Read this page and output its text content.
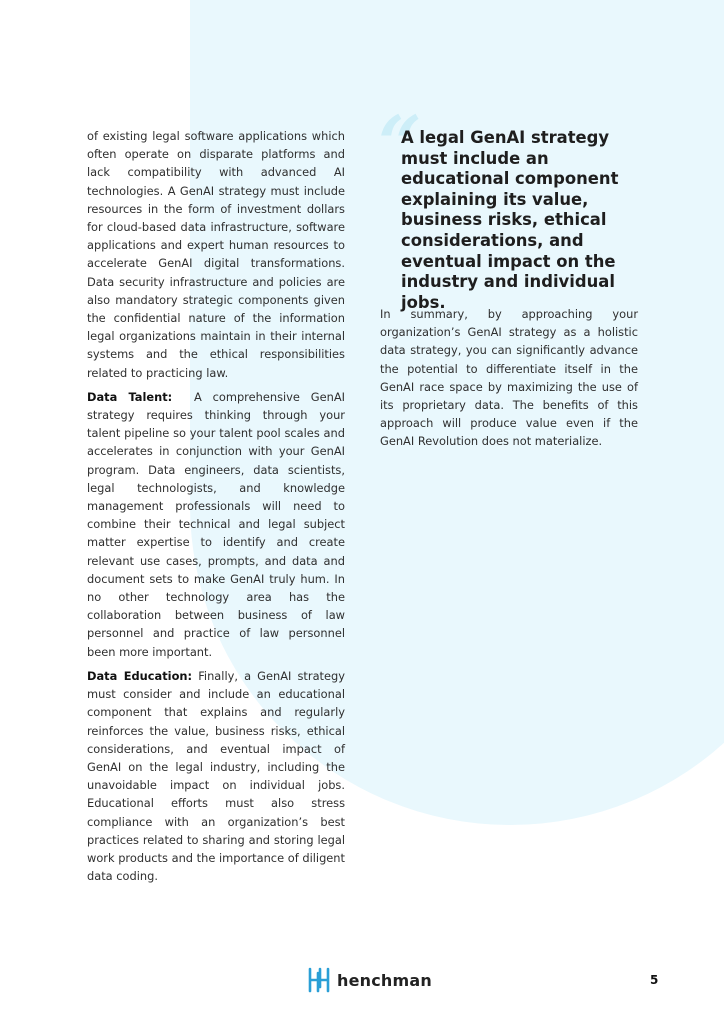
of existing legal software applications which often operate on disparate platforms and lack compatibility with advanced AI technologies. A GenAI strategy must include resources in the form of investment dollars for cloud-based data infrastructure, software applications and expert human resources to accelerate GenAI digital transformations. Data security infrastructure and policies are also mandatory strategic components given the confidential nature of the information legal organizations maintain in their internal systems and the ethical responsibilities related to practicing law.

Data Talent: A comprehensive GenAI strategy requires thinking through your talent pipeline so your talent pool scales and accelerates in conjunction with your GenAI program. Data engineers, data scientists, legal technologists, and knowledge management professionals will need to combine their technical and legal subject matter expertise to identify and create relevant use cases, prompts, and data and document sets to make GenAI truly hum. In no other technology area has the collaboration between business of law personnel and practice of law personnel been more important.

Data Education: Finally, a GenAI strategy must consider and include an educational component that explains and regularly reinforces the value, business risks, ethical considerations, and eventual impact of GenAI on the legal industry, including the unavoidable impact on individual jobs. Educational efforts must also stress compliance with an organization’s best practices related to sharing and storing legal work products and the importance of diligent data coding.

“

A legal GenAI strategy must include an educational component explaining its value, business risks, ethical considerations, and eventual impact on the industry and individual jobs.

In summary, by approaching your organization’s GenAI strategy as a holistic data strategy, you can significantly advance the potential to differentiate itself in the GenAI race space by maximizing the use of its proprietary data. The benefits of this approach will produce value even if the GenAI Revolution does not materialize.

henchman	5
